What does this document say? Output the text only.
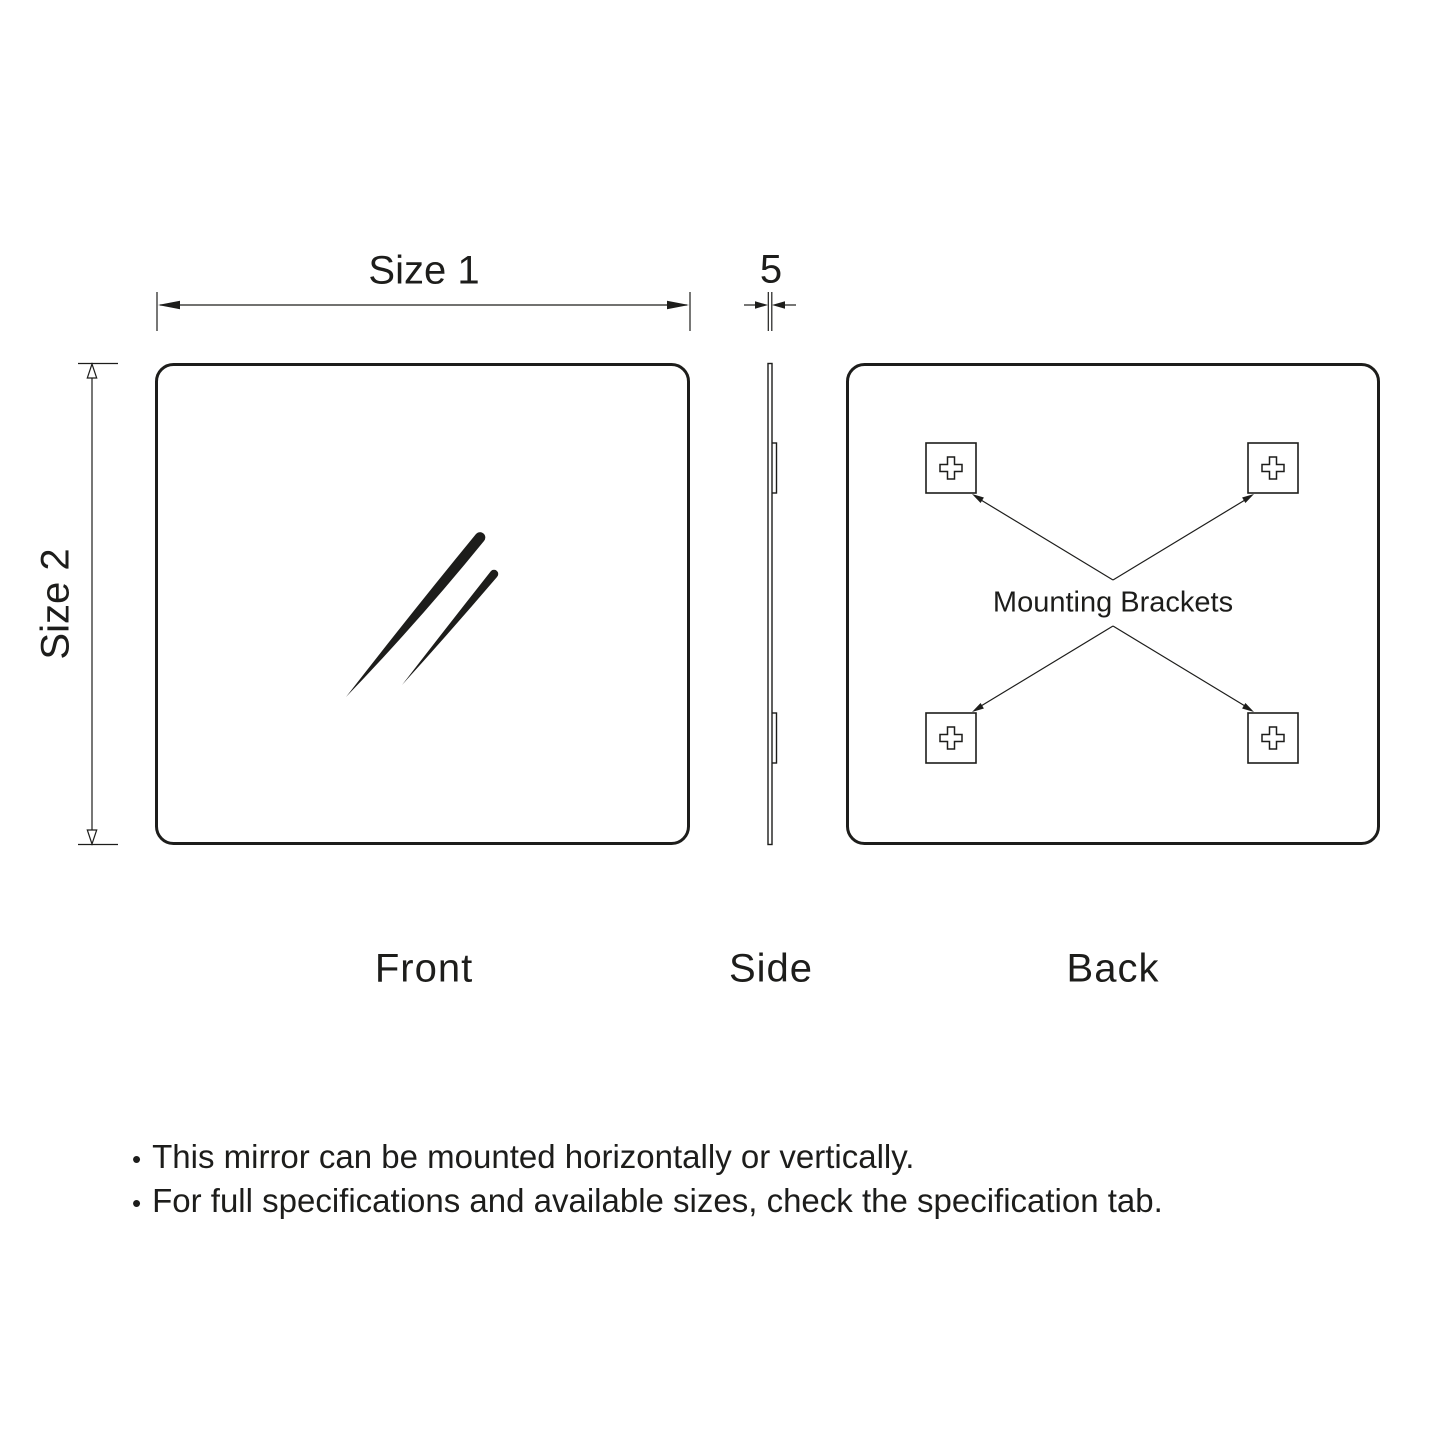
Size 1	5
Size 2	Mounting Brackets
Front	Side	Back
• This mirror can be mounted horizontally or vertically.
• For full specifications and available sizes, check the specification tab.
